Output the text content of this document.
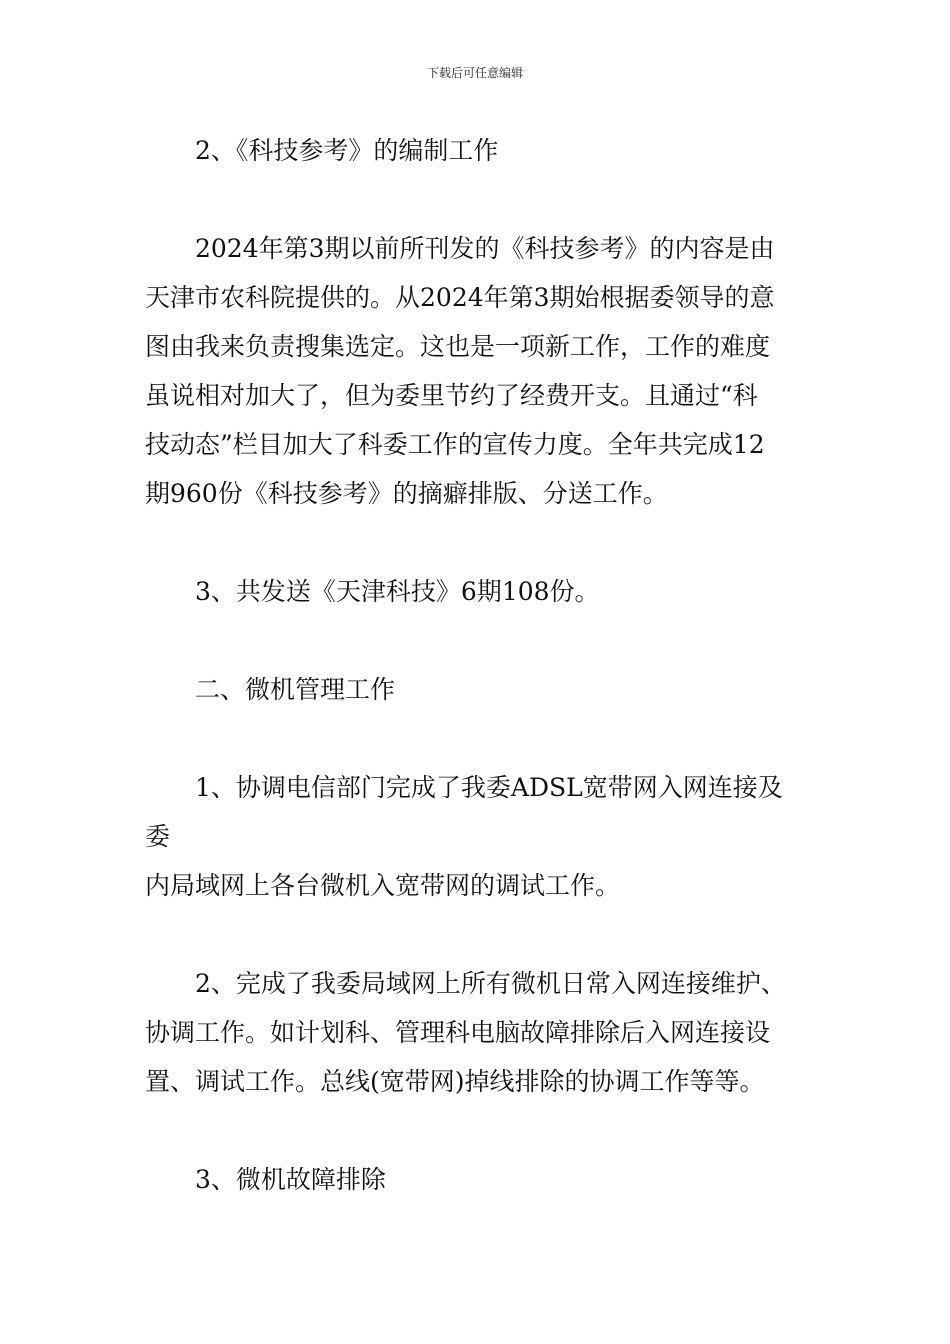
下载后可任意编辑
2、《科技参考》的编制工作
2024年第3期以前所刊发的《科技参考》的内容是由
天津市农科院提供的。从2024年第3期始根据委领导的意
图由我来负责搜集选定。这也是一项新工作，工作的难度
虽说相对加大了，但为委里节约了经费开支。且通过“科
技动态”栏目加大了科委工作的宣传力度。全年共完成12
期960份《科技参考》的摘癖排版、分送工作。
3、共发送《天津科技》6期108份。
二、微机管理工作
1、协调电信部门完成了我委ADSL宽带网入网连接及委
内局域网上各台微机入宽带网的调试工作。
2、完成了我委局域网上所有微机日常入网连接维护、
协调工作。如计划科、管理科电脑故障排除后入网连接设
置、调试工作。总线(宽带网)掉线排除的协调工作等等。
3、微机故障排除
